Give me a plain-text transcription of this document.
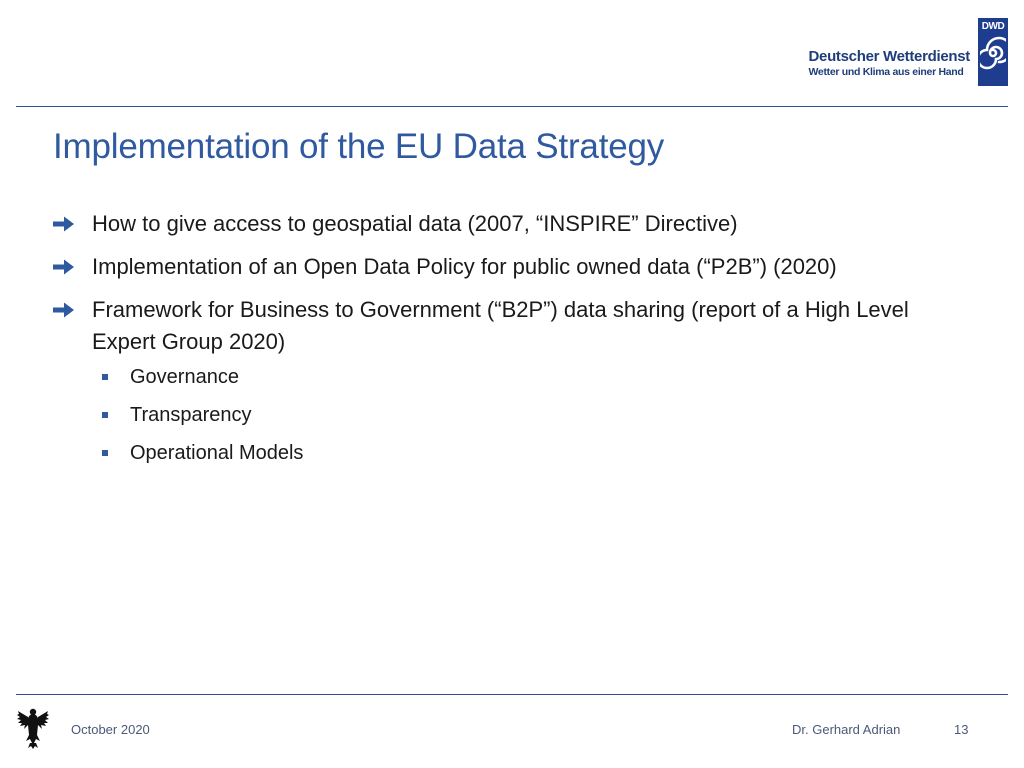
Deutscher Wetterdienst
Wetter und Klima aus einer Hand
DWD
Implementation of the EU Data Strategy
How to give access to geospatial data (2007, “INSPIRE” Directive)
Implementation of an Open Data Policy for public owned data (“P2B”) (2020)
Framework for Business to Government (“B2P”) data sharing (report of a High Level Expert Group 2020)
Governance
Transparency
Operational Models
October 2020	Dr. Gerhard Adrian	13
